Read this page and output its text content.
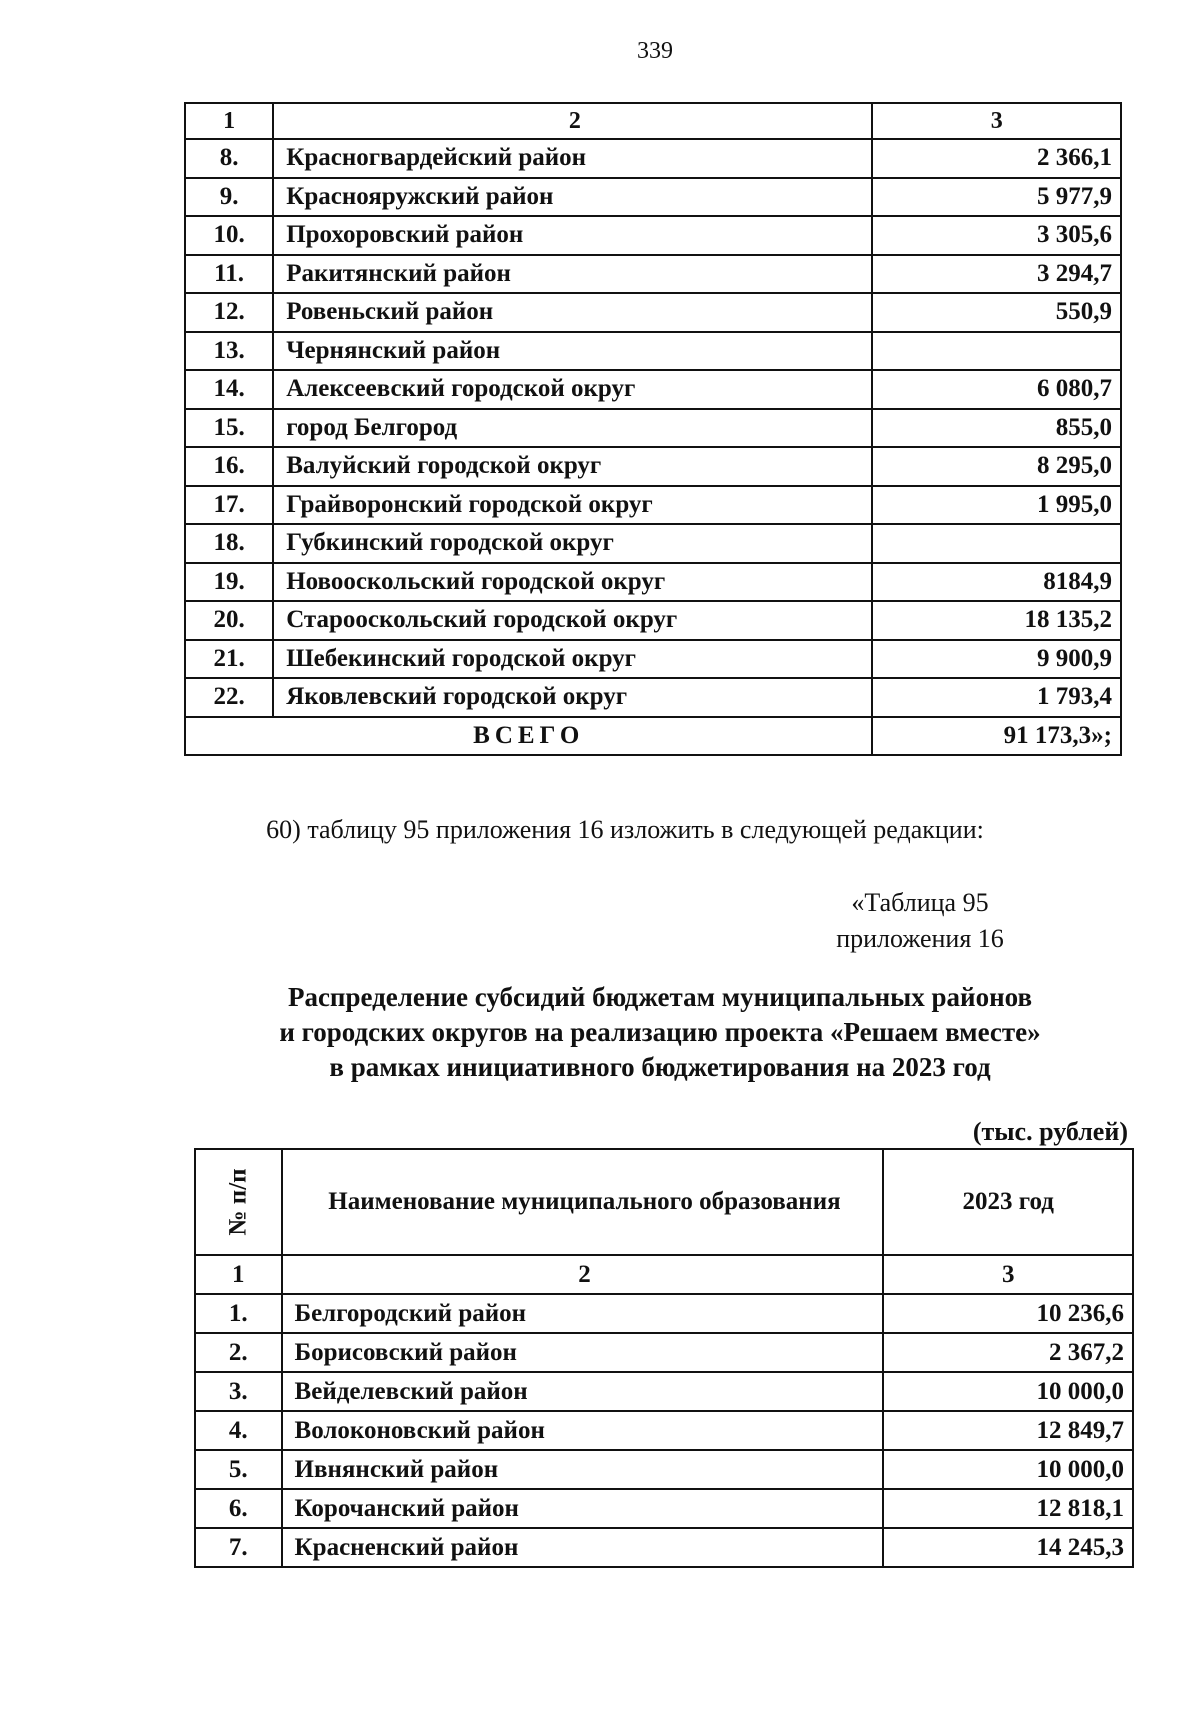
339
1	2	3
8.	Красногвардейский район	2 366,1
9.	Краснояружский район	5 977,9
10.	Прохоровский район	3 305,6
11.	Ракитянский район	3 294,7
12.	Ровеньский район	550,9
13.	Чернянский район	
14.	Алексеевский городской округ	6 080,7
15.	город Белгород	855,0
16.	Валуйский городской округ	8 295,0
17.	Грайворонский городской округ	1 995,0
18.	Губкинский городской округ	
19.	Новооскольский городской округ	8184,9
20.	Старооскольский городской округ	18 135,2
21.	Шебекинский городской округ	9 900,9
22.	Яковлевский городской округ	1 793,4
ВСЕГО		91 173,3»;
60) таблицу 95 приложения 16 изложить в следующей редакции:
«Таблица 95
приложения 16
Распределение субсидий бюджетам муниципальных районов
и городских округов на реализацию проекта «Решаем вместе»
в рамках инициативного бюджетирования на 2023 год
(тыс. рублей)
№ п/п	Наименование муниципального образования	2023 год
1	2	3
1.	Белгородский район	10 236,6
2.	Борисовский район	2 367,2
3.	Вейделевский район	10 000,0
4.	Волоконовский район	12 849,7
5.	Ивнянский район	10 000,0
6.	Корочанский район	12 818,1
7.	Красненский район	14 245,3
